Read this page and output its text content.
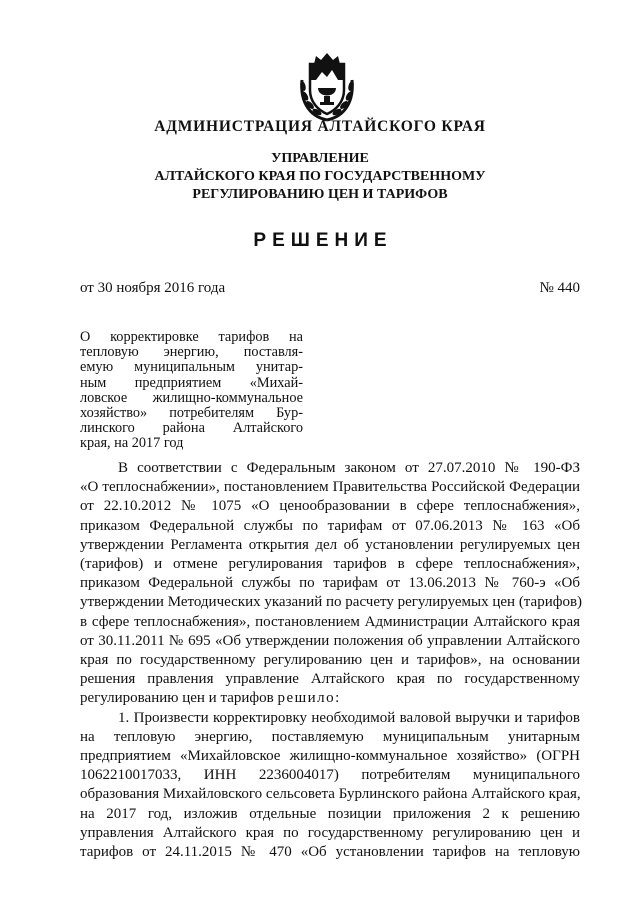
АДМИНИСТРАЦИЯ АЛТАЙСКОГО КРАЯ
УПРАВЛЕНИЕ
АЛТАЙСКОГО КРАЯ ПО ГОСУДАРСТВЕННОМУ
РЕГУЛИРОВАНИЮ ЦЕН И ТАРИФОВ
РЕШЕНИЕ
от 30 ноября 2016 года	№ 440
О корректировке тарифов на
тепловую энергию, поставля-
емую муниципальным унитар-
ным предприятием «Михай-
ловское жилищно-коммунальное
хозяйство» потребителям Бур-
линского района Алтайского
края, на 2017 год
В соответствии с Федеральным законом от 27.07.2010 № 190-ФЗ
«О теплоснабжении», постановлением Правительства Российской Федерации
от 22.10.2012 № 1075 «О ценообразовании в сфере теплоснабжения»,
приказом Федеральной службы по тарифам от 07.06.2013 № 163 «Об
утверждении Регламента открытия дел об установлении регулируемых цен
(тарифов) и отмене регулирования тарифов в сфере теплоснабжения»,
приказом Федеральной службы по тарифам от 13.06.2013 № 760-э «Об
утверждении Методических указаний по расчету регулируемых цен (тарифов)
в сфере теплоснабжения», постановлением Администрации Алтайского края
от 30.11.2011 № 695 «Об утверждении положения об управлении Алтайского
края по государственному регулированию цен и тарифов», на основании
решения правления управление Алтайского края по государственному
регулированию цен и тарифов решило:
1. Произвести корректировку необходимой валовой выручки и тарифов
на тепловую энергию, поставляемую муниципальным унитарным
предприятием «Михайловское жилищно-коммунальное хозяйство» (ОГРН
1062210017033, ИНН 2236004017) потребителям муниципального
образования Михайловского сельсовета Бурлинского района Алтайского края,
на 2017 год, изложив отдельные позиции приложения 2 к решению
управления Алтайского края по государственному регулированию цен и
тарифов от 24.11.2015 № 470 «Об установлении тарифов на тепловую
